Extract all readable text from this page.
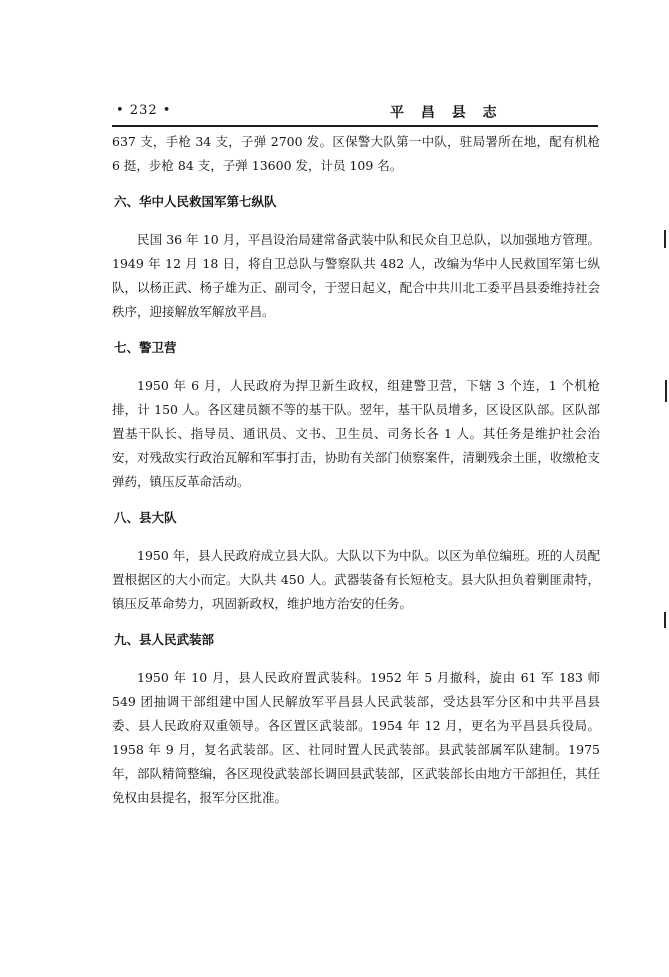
• 232 •	平 昌 县 志

637 支，手枪 34 支，子弹 2700 发。区保警大队第一中队，驻局署所在地，配有机枪 6 挺，步枪 84 支，子弹 13600 发，计员 109 名。

六、华中人民救国军第七纵队

民国 36 年 10 月，平昌设治局建常备武装中队和民众自卫总队，以加强地方管理。1949 年 12 月 18 日，将自卫总队与警察队共 482 人，改编为华中人民救国军第七纵队，以杨正武、杨子雄为正、副司令，于翌日起义，配合中共川北工委平昌县委维持社会秩序，迎接解放军解放平昌。

七、警卫营

1950 年 6 月，人民政府为捍卫新生政权，组建警卫营，下辖 3 个连，1 个机枪排，计 150 人。各区建员额不等的基干队。翌年，基干队员增多，区设区队部。区队部置基干队长、指导员、通讯员、文书、卫生员、司务长各 1 人。其任务是维护社会治安，对残敌实行政治瓦解和军事打击，协助有关部门侦察案件，清剿残余土匪，收缴枪支弹药，镇压反革命活动。

八、县大队

1950 年，县人民政府成立县大队。大队以下为中队。以区为单位编班。班的人员配置根据区的大小而定。大队共 450 人。武器装备有长短枪支。县大队担负着剿匪肃特，镇压反革命势力，巩固新政权，维护地方治安的任务。

九、县人民武装部

1950 年 10 月，县人民政府置武装科。1952 年 5 月撤科，旋由 61 军 183 师 549 团抽调干部组建中国人民解放军平昌县人民武装部，受达县军分区和中共平昌县委、县人民政府双重领导。各区置区武装部。1954 年 12 月，更名为平昌县兵役局。1958 年 9 月，复名武装部。区、社同时置人民武装部。县武装部属军队建制。1975 年，部队精简整编，各区现役武装部长调回县武装部，区武装部长由地方干部担任，其任免权由县提名，报军分区批准。
